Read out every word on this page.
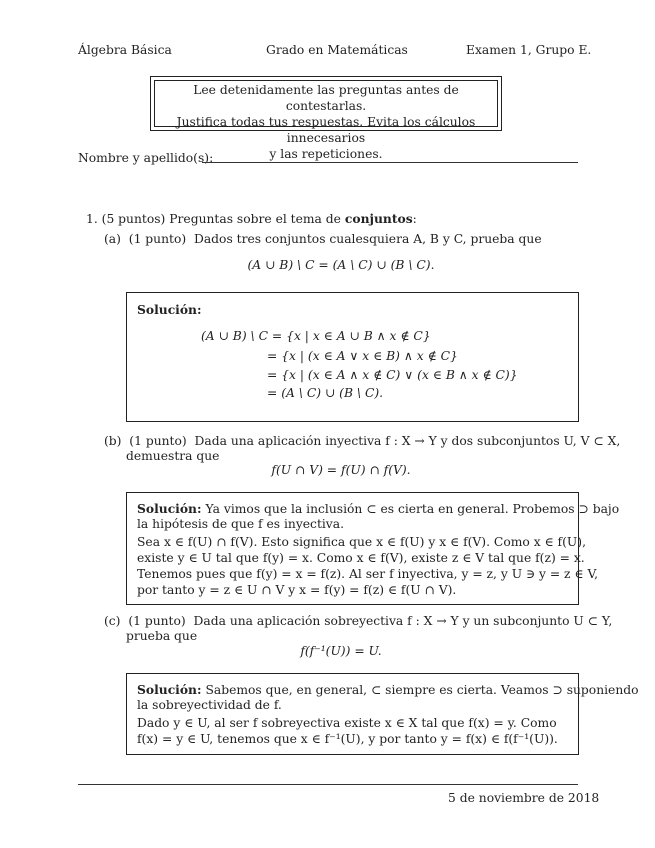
Álgebra Básica	Grado en Matemáticas	Examen 1, Grupo E.
Lee detenidamente las preguntas antes de contestarlas.
Justifica todas tus respuestas. Evita los cálculos innecesarios
y las repeticiones.
Nombre y apellido(s):
1. (5 puntos) Preguntas sobre el tema de conjuntos:
(a) (1 punto) Dados tres conjuntos cualesquiera A, B y C, prueba que
(A ∪ B) \ C = (A \ C) ∪ (B \ C).
Solución:
(A ∪ B) \ C = {x | x ∈ A ∪ B ∧ x ∉ C}
= {x | (x ∈ A ∨ x ∈ B) ∧ x ∉ C}
= {x | (x ∈ A ∧ x ∉ C) ∨ (x ∈ B ∧ x ∉ C)}
= (A \ C) ∪ (B \ C).
(b) (1 punto) Dada una aplicación inyectiva f : X → Y y dos subconjuntos U, V ⊂ X,
demuestra que
f(U ∩ V) = f(U) ∩ f(V).
Solución: Ya vimos que la inclusión ⊂ es cierta en general. Probemos ⊃ bajo
la hipótesis de que f es inyectiva.
Sea x ∈ f(U) ∩ f(V). Esto significa que x ∈ f(U) y x ∈ f(V). Como x ∈ f(U),
existe y ∈ U tal que f(y) = x. Como x ∈ f(V), existe z ∈ V tal que f(z) = x.
Tenemos pues que f(y) = x = f(z). Al ser f inyectiva, y = z, y U ∋ y = z ∈ V,
por tanto y = z ∈ U ∩ V y x = f(y) = f(z) ∈ f(U ∩ V).
(c) (1 punto) Dada una aplicación sobreyectiva f : X → Y y un subconjunto U ⊂ Y,
prueba que
f(f⁻¹(U)) = U.
Solución: Sabemos que, en general, ⊂ siempre es cierta. Veamos ⊃ suponiendo
la sobreyectividad de f.
Dado y ∈ U, al ser f sobreyectiva existe x ∈ X tal que f(x) = y. Como
f(x) = y ∈ U, tenemos que x ∈ f⁻¹(U), y por tanto y = f(x) ∈ f(f⁻¹(U)).
5 de noviembre de 2018
